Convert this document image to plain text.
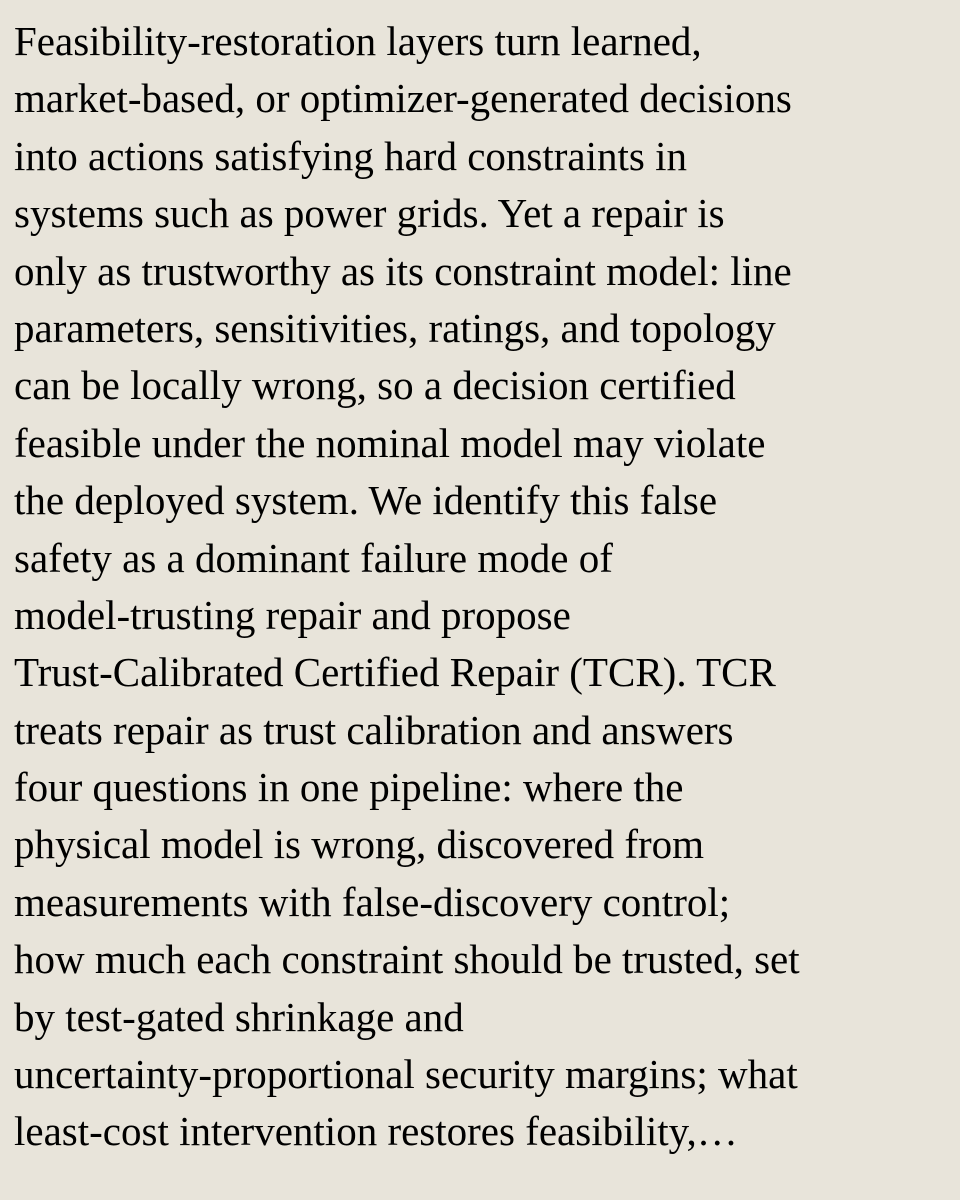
Feasibility-restoration layers turn learned,
market-based, or optimizer-generated decisions
into actions satisfying hard constraints in
systems such as power grids. Yet a repair is
only as trustworthy as its constraint model: line
parameters, sensitivities, ratings, and topology
can be locally wrong, so a decision certified
feasible under the nominal model may violate
the deployed system. We identify this false
safety as a dominant failure mode of
model-trusting repair and propose
Trust-Calibrated Certified Repair (TCR). TCR
treats repair as trust calibration and answers
four questions in one pipeline: where the
physical model is wrong, discovered from
measurements with false-discovery control;
how much each constraint should be trusted, set
by test-gated shrinkage and
uncertainty-proportional security margins; what
least-cost intervention restores feasibility,…
